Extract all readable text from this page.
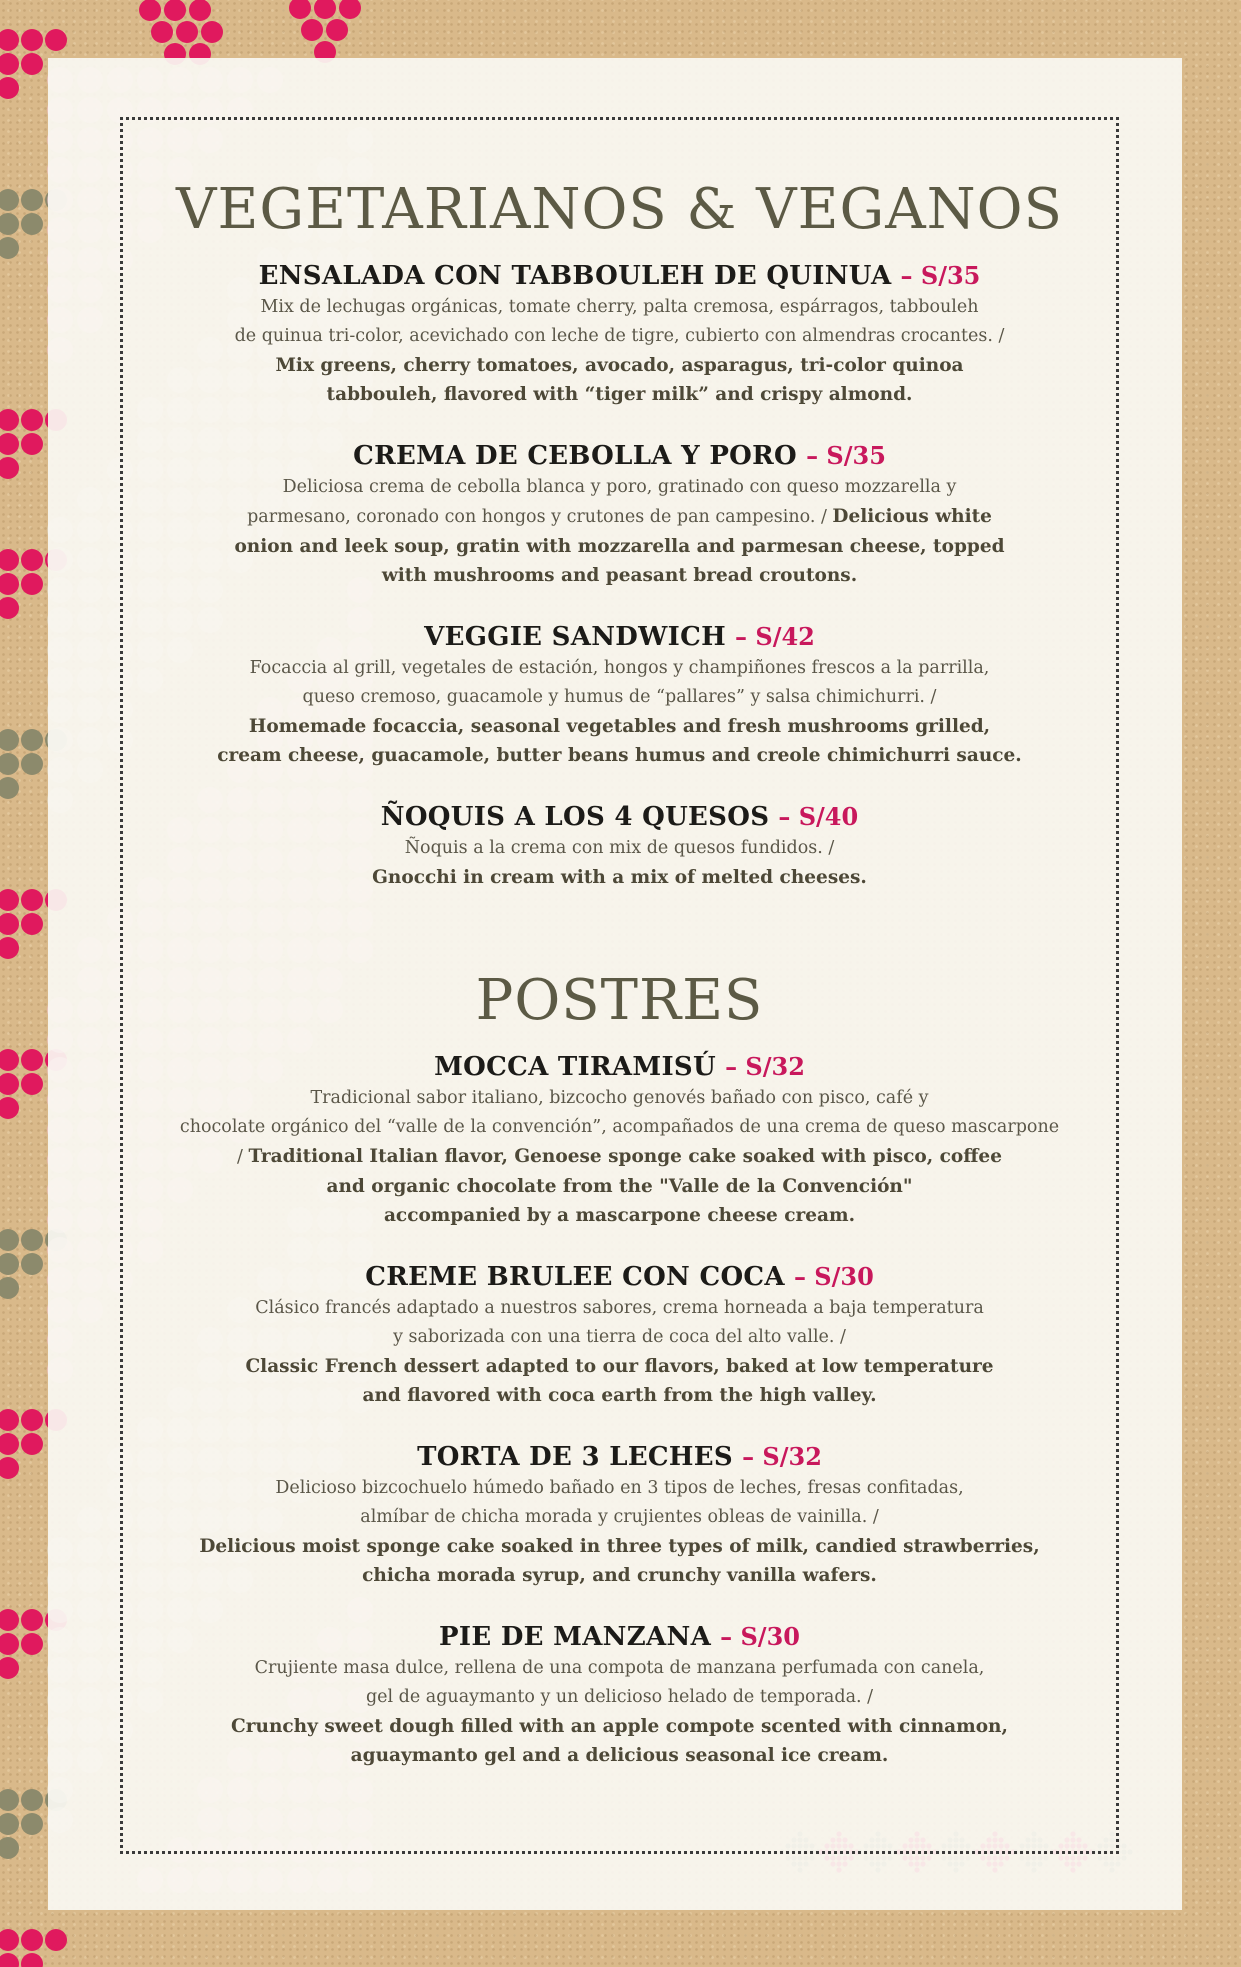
VEGETARIANOS & VEGANOS

ENSALADA CON TABBOULEH DE QUINUA – S/35

Mix de lechugas orgánicas, tomate cherry, palta cremosa, espárragos, tabbouleh
de quinua tri-color, acevichado con leche de tigre, cubierto con almendras crocantes. /
Mix greens, cherry tomatoes, avocado, asparagus, tri-color quinoa
tabbouleh, flavored with “tiger milk” and crispy almond.

CREMA DE CEBOLLA Y PORO – S/35

Deliciosa crema de cebolla blanca y poro, gratinado con queso mozzarella y
parmesano, coronado con hongos y crutones de pan campesino. / Delicious white
onion and leek soup, gratin with mozzarella and parmesan cheese, topped
with mushrooms and peasant bread croutons.

VEGGIE SANDWICH – S/42

Focaccia al grill, vegetales de estación, hongos y champiñones frescos a la parrilla,
queso cremoso, guacamole y humus de “pallares” y salsa chimichurri. /
Homemade focaccia, seasonal vegetables and fresh mushrooms grilled,
cream cheese, guacamole, butter beans humus and creole chimichurri sauce.

ÑOQUIS A LOS 4 QUESOS – S/40

Ñoquis a la crema con mix de quesos fundidos. /
Gnocchi in cream with a mix of melted cheeses.
POSTRES

MOCCA TIRAMISÚ – S/32

Tradicional sabor italiano, bizcocho genovés bañado con pisco, café y
chocolate orgánico del “valle de la convención”, acompañados de una crema de queso mascarpone
/ Traditional Italian flavor, Genoese sponge cake soaked with pisco, coffee
and organic chocolate from the "Valle de la Convención"
accompanied by a mascarpone cheese cream.

CREME BRULEE CON COCA – S/30

Clásico francés adaptado a nuestros sabores, crema horneada a baja temperatura
y saborizada con una tierra de coca del alto valle. /
Classic French dessert adapted to our flavors, baked at low temperature
and flavored with coca earth from the high valley.

TORTA DE 3 LECHES – S/32

Delicioso bizcochuelo húmedo bañado en 3 tipos de leches, fresas confitadas,
almíbar de chicha morada y crujientes obleas de vainilla. /
Delicious moist sponge cake soaked in three types of milk, candied strawberries,
chicha morada syrup, and crunchy vanilla wafers.

PIE DE MANZANA – S/30

Crujiente masa dulce, rellena de una compota de manzana perfumada con canela,
gel de aguaymanto y un delicioso helado de temporada. /
Crunchy sweet dough filled with an apple compote scented with cinnamon,
aguaymanto gel and a delicious seasonal ice cream.
